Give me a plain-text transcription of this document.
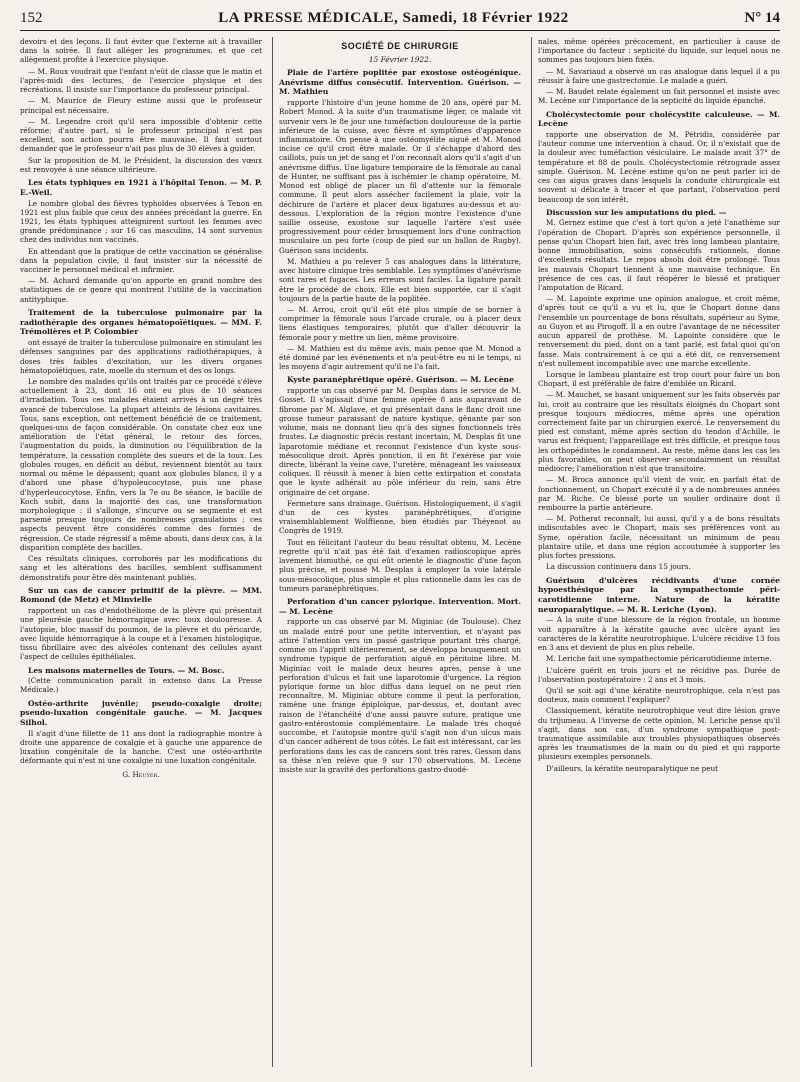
152	LA PRESSE MÉDICALE, Samedi, 18 Février 1922	N° 14

devoirs et des leçons. Il faut éviter que l'externe ait à travailler dans la soirée. Il faut alléger les programmes, et que cet allègement profite à l'exercice physique.

— M. Roux voudrait que l'enfant n'eût de classe que le matin et l'après-midi des lectures, de l'exercice physique et des récréations. Il insiste sur l'importance du professeur principal.

— M. Maurice de Fleury estime aussi que le professeur principal est nécessaire.

— M. Legendre croit qu'il sera impossible d'obtenir cette réforme; d'autre part, si le professeur principal n'est pas excellent, son action pourra être mauvaise. Il faut surtout demander que le professeur n'ait pas plus de 30 élèves à guider.

Sur la proposition de M. le Président, la discussion des vœux est renvoyée à une séance ultérieure.

Les états typhiques en 1921 à l'hôpital Tenon. — M. P. E.-Weil.

Le nombre global des fièvres typhoïdes observées à Tenon en 1921 est plus faible que ceux des années précédant la guerre. En 1921, les états typhiques atteignirent surtout les femmes avec grande prédominance ; sur 16 cas masculins, 14 sont survenus chez des individus non vaccinés.

En attendant que la pratique de cette vaccination se généralise dans la population civile, il faut insister sur la nécessité de vacciner le personnel médical et infirmier.

— M. Achard demande qu'on apporte en grand nombre des statistiques de ce genre qui montrent l'utilité de la vaccination antityphique.

Traitement de la tuberculose pulmonaire par la radiothérapie des organes hématopoïétiques. — MM. F. Trémolières et P. Colombier

ont essayé de traiter la tuberculose pulmonaire en stimulant les défenses sanguines par des applications radiothérapiques, à doses très faibles d'excitation, sur les divers organes hématopoïétiques, rate, moelle du sternum et des os longs.

Le nombre des malades qu'ils ont traités par ce procédé s'élève actuellement à 23, dont 16 ont eu plus de 10 séances d'irradiation. Tous ces malades étaient arrivés à un degré très avancé de tuberculose. La plupart atteints de lésions cavitaires. Tous, sans exception, ont nettement bénéficié de ce traitement, quelques-uns de façon considérable. On constate chez eux une amélioration de l'état général, le retour des forces, l'augmentation du poids, la diminution ou l'équilibration de la température, la cessation complète des sueurs et de la toux. Les globules rouges, en déficit au début, reviennent bientôt au taux normal ou même le dépassent; quant aux globules blancs, il y a d'abord une phase d'hypoleucocytose, puis une phase d'hyperleucocytose. Enfin, vers la 7e ou 8e séance, le bacille de Koch subit, dans la majorité des cas, une transformation morphologique : il s'allonge, s'incurve ou se segmente et est parsemé presque toujours de nombreuses granulations ; ces aspects peuvent être considérés comme des formes de régression. Ce stade régressif a même abouti, dans deux cas, à la disparition complète des bacilles.

Ces résultats cliniques, corroborés par les modifications du sang et les altérations des bacilles, semblent suffisamment démonstratifs pour être dès maintenant publiés.

Sur un cas de cancer primitif de la plèvre. — MM. Romond (de Metz) et Minvielle

rapportent un cas d'endothéliome de la plèvre qui présentait une pleurésie gauche hémorragique avec toux douloureuse. A l'autopsie, bloc massif du poumon, de la plèvre et du péricarde, avec liquide hémorragique à la coupe et à l'examen histologique, tissu fibrillaire avec des alvéoles contenant des cellules ayant l'aspect de cellules épithéliales.

Les maisons maternelles de Tours. — M. Bosc.

(Cette communication paraît in extenso dans La Presse Médicale.)

Ostéo-arthrite juvénile; pseudo-coxalgie droite; pseudo-luxation congénitale gauche. — M. Jacques Silhol.

Il s'agit d'une fillette de 11 ans dont la radiographie montre à droite une apparence de coxalgie et à gauche une apparence de luxation congénitale de la hanche. C'est une ostéo-arthrite déformante qui n'est ni une coxalgie ni une luxation congénitale.

G. Heuyer.
SOCIÉTÉ DE CHIRURGIE
15 Février 1922.
Plaie de l'artère poplitée par exostose ostéogénique. Anévrisme diffus consécutif. Intervention. Guérison. — M. Mathieu

rapporte l'histoire d'un jeune homme de 20 ans, opéré par M. Robert Monod. A la suite d'un traumatisme léger, ce malade vit survenir vers le 8e jour une tuméfaction douloureuse de la partie inférieure de la cuisse, avec fièvre et symptômes d'apparence inflammatoire. On pense à une ostéomyélite aiguë et M. Monod incise ce qu'il croit être malade. Or il s'échappe d'abord des caillots, puis un jet de sang et l'on reconnaît alors qu'il s'agit d'un anévrisme diffus. Une ligature temporaire de la fémorale au canal de Hunter, ne suffisant pas à ischémier le champ opératoire, M. Monod est obligé de placer un fil d'attente sur la fémorale commune. Il peut alors assécher facilement la plaie, voir la déchirure de l'artère et placer deux ligatures au-dessus et au-dessous. L'exploration de la région montre l'existence d'une saillie osseuse, exostose sur laquelle l'artère s'est usée progressivement pour céder brusquement lors d'une contraction musculaire un peu forte (coup de pied sur un ballon de Rugby). Guérison sans incidents.

M. Mathieu a pu relever 5 cas analogues dans la littérature, avec histoire clinique très semblable. Les symptômes d'anévrisme sont rares et fugaces. Les erreurs sont faciles. La ligature paraît être le procédé de choix. Elle est bien supportée, car il s'agit toujours de la partie haute de la poplitée.

— M. Arrou, croit qu'il eût été plus simple de se borner à comprimer la fémorale sous l'arcade crurale, ou à placer deux liens élastiques temporaires, plutôt que d'aller découvrir la fémorale pour y mettre un lien, même provisoire.

— M. Mathieu est du même avis, mais pense que M. Monod a été dominé par les événements et n'a peut-être eu ni le temps, ni les moyens d'agir autrement qu'il ne l'a fait.

Kyste paranéphrétique opéré. Guérison. — M. Lecène

rapporte un cas observé par M. Desplas dans le service de M. Gosset. Il s'agissait d'une femme opérée 8 ans auparavant de fibrome par M. Alglave, et qui présentait dans le flanc droit une grosse tumeur paraissant de nature kystique, gênante par son volume, mais ne donnant lieu qu'à des signes fonctionnels très frustes. Le diagnostic précis restant incertain, M. Desplas fit une laparotomie médiane et reconnut l'existence d'un kyste sous-mésocolique droit. Après ponction, il en fit l'exérèse par voie directe, libérant la veine cave, l'uretère, ménageant les vaisseaux coliques. Il réussit à mener à bien cette extirpation et constata que le kyste adhérait au pôle inférieur du rein, sans être originaire de cet organe.

Fermeture sans drainage. Guérison. Histologiquement, il s'agit d'un de ces kystes paranéphrétiques, d'origine vraisemblablement Wolffienne, bien étudiés par Théyenot au Congrès de 1919.

Tout en félicitant l'auteur du beau résultat obtenu, M. Lecène regrette qu'il n'ait pas été fait d'examen radioscopique après lavement bismuthé, ce qui eût orienté le diagnostic d'une façon plus précise, et poussé M. Desplas à employer la voie latérale sous-mésocolique, plus simple et plus rationnelle dans les cas de tumeurs paranéphrétiques.

Perforation d'un cancer pylorique. Intervention. Mort. — M. Lecène

rapporte un cas observé par M. Miginiac (de Toulouse). Chez un malade entré pour une petite intervention, et n'ayant pas attiré l'attention vers un passé gastrique pourtant très chargé, comme on l'apprit ultérieurement, se développa brusquement un syndrome typique de perforation aiguë en péritoine libre. M. Miginiac voit le malade deux heures après, pense à une perforation d'ulcus et fait une laparotomie d'urgence. La région pylorique forme un bloc diffus dans lequel on ne peut rien reconnaître. M. Miginiac obture comme il peut la perforation, ramène une frange épiploïque, par-dessus, et, doutant avec raison de l'étanchéité d'une aussi pauvre suture, pratique une gastro-entérostomie complémentaire. Le malade très choqué succombe, et l'autopsie montre qu'il s'agit non d'un ulcus mais d'un cancer adhérent de tous côtés. Le fait est intéressant, car les perforations dans les cas de cancers sont très rares. Gesson dans sa thèse n'en relève que 9 sur 170 observations. M. Lecène insiste sur la gravité des perforations gastro-duodé-

nales, même opérées précocement, en particulier à cause de l'importance du facteur : septicité du liquide, sur lequel nous ne sommes pas toujours bien fixés.

— M. Savariaud a observé un cas analogue dans lequel il a pu réussir à faire une gastrectomie. Le malade a guéri.

— M. Baudet relate également un fait personnel et insiste avec M. Lecène sur l'importance de la septicité du liquide épanché.

Cholécystectomie pour cholécystite calculeuse. — M. Lecène

rapporte une observation de M. Pétridis, considérée par l'auteur comme une intervention à chaud. Or, il n'existait que de la douleur avec tuméfaction vésiculaire. Le malade avait 37° de température et 88 de pouls. Cholécystectomie rétrograde assez simple. Guérison. M. Lecène estime qu'on ne peut parler ici de ces cas aigus graves dans lesquels la conduite chirurgicale est souvent si délicate à tracer et que partant, l'observation perd beaucoup de son intérêt.

Discussion sur les amputations du pied. —

M. Gernez estime que c'est à tort qu'on a jeté l'anathème sur l'opération de Chopart. D'après son expérience personnelle, il pense qu'un Chopart bien fait, avec très long lambeau plantaire, bonne immobilisation, soins consécutifs rationnels, donne d'excellents résultats. Le repos absolu doit être prolongé. Tous les mauvais Chopart tiennent à une mauvaise technique. En présence de ces cas, il faut réopérer le blessé et pratiquer l'amputation de Ricard.

— M. Lapointe exprime une opinion analogue, et croit même, d'après tout ce qu'il a vu et lu, que le Chopart donne dans l'ensemble un pourcentage de bons résultats, supérieur au Syme, au Guyon et au Pirogoff. Il a en outre l'avantage de ne nécessiter aucun appareil de prothèse. M. Lapointe considère que le renversement du pied, dont on a tant parlé, est fatal quoi qu'on fasse. Mais contrairement à ce qui a été dit, ce renversement n'est nullement incompatible avec une marche excellente.

Lorsque le lambeau plantaire est trop court pour faire un bon Chopart, il est préférable de faire d'emblée un Ricard.

— M. Mauchet, se basant uniquement sur les faits observés par lui, croit au contraire que les résultats éloignés du Chopart sont presque toujours médiocres, même après une opération correctement faite par un chirurgien exercé. Le renversement du pied est constant, même après section du tendon d'Achille, le varus est fréquent; l'appareillage est très difficile, et presque tous les orthopédistes le condamnent. Au reste, même dans les cas les plus favorables, on peut observer secondairement un résultat médiocre; l'amélioration n'est que transitoire.

— M. Broca annonce qu'il vient de voir, en parfait état de fonctionnement, un Chopart exécuté il y a de nombreuses années par M. Riche. Ce blessé porte un soulier ordinaire dont il rembourre la partie antérieure.

— M. Potherat reconnaît, lui aussi, qu'il y a de bons résultats indiscutables avec le Chopart, mais ses préférences vont au Syme, opération facile, nécessitant un minimum de peau plantaire utile, et dans une région accoutumée à supporter les plus fortes pressions.

La discussion continuera dans 15 jours.

Guérison d'ulcères récidivants d'une cornée hypoesthésique par la sympathectomie péri-carotidienne interne. Nature de la kératite neuroparalytique. — M. R. Leriche (Lyon).

— A la suite d'une blessure de la région frontale, un homme voit apparaître à la kératite gauche avec ulcère ayant les caractères de la kératite neurotrophique. L'ulcère récidive 13 fois en 3 ans et devient de plus en plus rebelle.

M. Leriche fait une sympathectomie péricarotidienne interne.

L'ulcère guérit en trois jours et ne récidive pas. Durée de l'observation postopératoire : 2 ans et 3 mois.

Qu'il se soit agi d'une kératite neurotrophique, cela n'est pas douteux, mais comment l'expliquer?

Classiquement, kératite neurotrophique veut dire lésion grave du trijumeau. A l'inverse de cette opinion, M. Leriche pense qu'il s'agit, dans son cas, d'un syndrome sympathique post-traumatique assimilable aux troubles physiopathiques observés après les traumatismes de la main ou du pied et qui rapporte plusieurs exemples personnels.

D'ailleurs, la kératite neuroparalytique ne peut
